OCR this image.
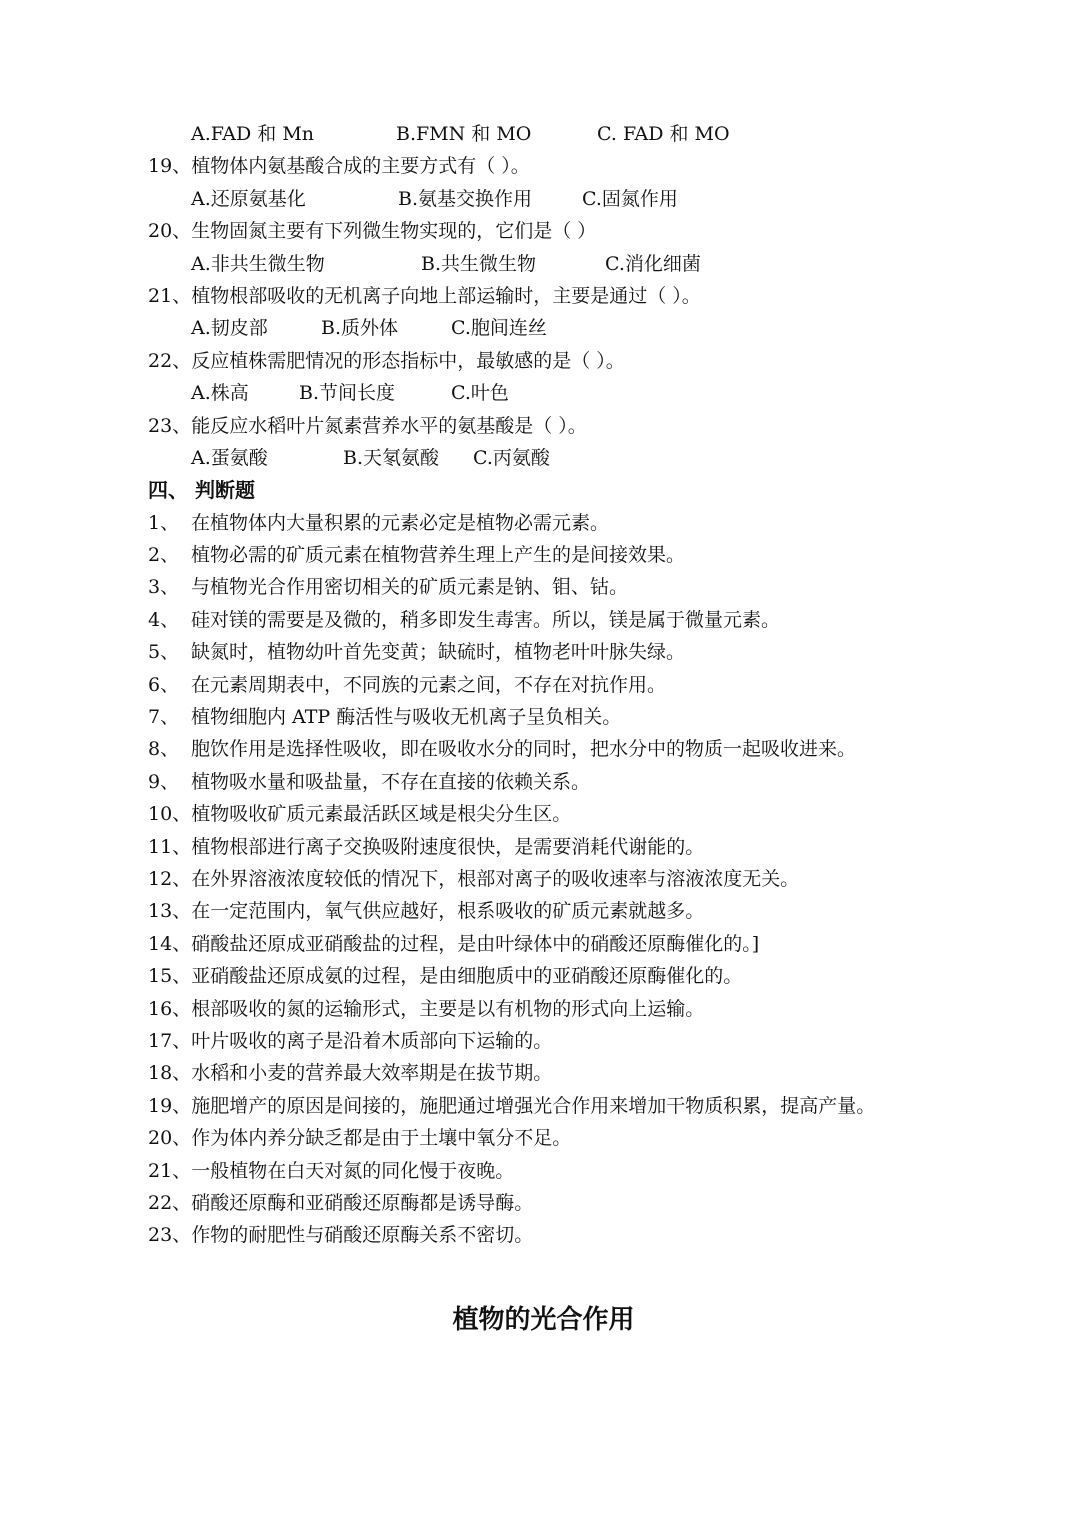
A.FAD 和 Mn	B.FMN 和 MO	C. FAD 和 MO
19、植物体内氨基酸合成的主要方式有（ ）。
A.还原氨基化	B.氨基交换作用	C.固氮作用
20、生物固氮主要有下列微生物实现的，它们是（ ）
A.非共生微生物	B.共生微生物	C.消化细菌
21、植物根部吸收的无机离子向地上部运输时，主要是通过（ ）。
A.韧皮部	B.质外体	C.胞间连丝
22、反应植株需肥情况的形态指标中，最敏感的是（ ）。
A.株高	B.节间长度	C.叶色
23、能反应水稻叶片氮素营养水平的氨基酸是（ ）。
A.蛋氨酸	B.天氡氨酸 C.丙氨酸
四、 判断题
1、 在植物体内大量积累的元素必定是植物必需元素。
2、 植物必需的矿质元素在植物营养生理上产生的是间接效果。
3、 与植物光合作用密切相关的矿质元素是钠、钼、钴。
4、 硅对镁的需要是及微的，稍多即发生毒害。所以，镁是属于微量元素。
5、 缺氮时，植物幼叶首先变黄；缺硫时，植物老叶叶脉失绿。
6、 在元素周期表中，不同族的元素之间，不存在对抗作用。
7、 植物细胞内 ATP 酶活性与吸收无机离子呈负相关。
8、 胞饮作用是选择性吸收，即在吸收水分的同时，把水分中的物质一起吸收进来。
9、 植物吸水量和吸盐量，不存在直接的依赖关系。
10、植物吸收矿质元素最活跃区域是根尖分生区。
11、植物根部进行离子交换吸附速度很快，是需要消耗代谢能的。
12、在外界溶液浓度较低的情况下，根部对离子的吸收速率与溶液浓度无关。
13、在一定范围内，氧气供应越好，根系吸收的矿质元素就越多。
14、硝酸盐还原成亚硝酸盐的过程，是由叶绿体中的硝酸还原酶催化的。]
15、亚硝酸盐还原成氨的过程，是由细胞质中的亚硝酸还原酶催化的。
16、根部吸收的氮的运输形式，主要是以有机物的形式向上运输。
17、叶片吸收的离子是沿着木质部向下运输的。
18、水稻和小麦的营养最大效率期是在拔节期。
19、施肥增产的原因是间接的，施肥通过增强光合作用来增加干物质积累，提高产量。
20、作为体内养分缺乏都是由于土壤中氧分不足。
21、一般植物在白天对氮的同化慢于夜晚。
22、硝酸还原酶和亚硝酸还原酶都是诱导酶。
23、作物的耐肥性与硝酸还原酶关系不密切。
植物的光合作用
